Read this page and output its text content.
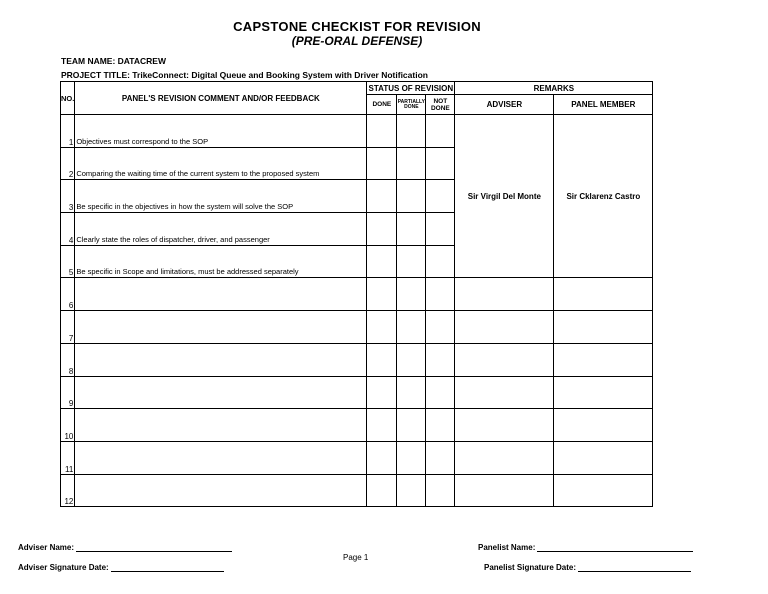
CAPSTONE CHECKIST FOR REVISION
(PRE-ORAL DEFENSE)
TEAM NAME: DATACREW
PROJECT TITLE: TrikeConnect: Digital Queue and Booking System with Driver Notification
NO.	PANEL'S REVISION COMMENT AND/OR FEEDBACK	STATUS OF REVISION			REMARKS	
		DONE	PARTIALLY DONE	NOT DONE	ADVISER	PANEL MEMBER
1	Objectives must correspond to the SOP				Sir Virgil Del Monte	Sir Cklarenz Castro
2	Comparing the waiting time of the current system to the proposed system					
3	Be specific in the objectives in how the system will solve the SOP					
4	Clearly state the roles of dispatcher, driver, and passenger					
5	Be specific in Scope and limitations, must be addressed separately					
6						
7						
8						
9						
10						
11						
12						
Adviser Name:
Adviser Signature Date:
Page 1
Panelist Name:
Panelist Signature Date:
